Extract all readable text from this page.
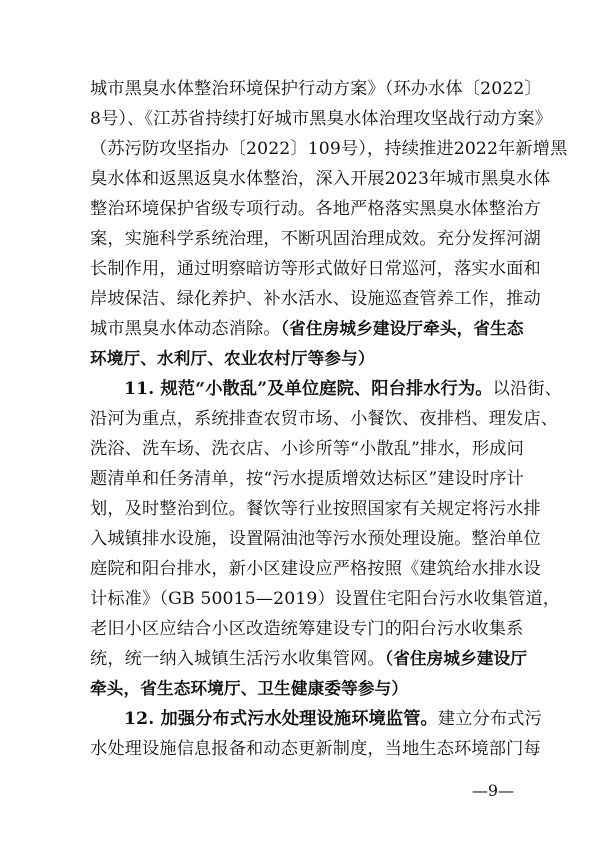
城市黑臭水体整治环境保护行动方案》（环办水体〔2022〕
8号）、《江苏省持续打好城市黑臭水体治理攻坚战行动方案》
（苏污防攻坚指办〔2022〕109号），持续推进2022年新增黑
臭水体和返黑返臭水体整治，深入开展2023年城市黑臭水体
整治环境保护省级专项行动。各地严格落实黑臭水体整治方
案，实施科学系统治理，不断巩固治理成效。充分发挥河湖
长制作用，通过明察暗访等形式做好日常巡河，落实水面和
岸坡保洁、绿化养护、补水活水、设施巡查管养工作，推动
城市黑臭水体动态消除。（省住房城乡建设厅牵头，省生态
环境厅、水利厅、农业农村厅等参与）
11. 规范“小散乱”及单位庭院、阳台排水行为。以沿街、
沿河为重点，系统排查农贸市场、小餐饮、夜排档、理发店、
洗浴、洗车场、洗衣店、小诊所等“小散乱”排水，形成问
题清单和任务清单，按“污水提质增效达标区”建设时序计
划，及时整治到位。餐饮等行业按照国家有关规定将污水排
入城镇排水设施，设置隔油池等污水预处理设施。整治单位
庭院和阳台排水，新小区建设应严格按照《建筑给水排水设
计标准》（GB 50015—2019）设置住宅阳台污水收集管道，
老旧小区应结合小区改造统筹建设专门的阳台污水收集系
统，统一纳入城镇生活污水收集管网。（省住房城乡建设厅
牵头，省生态环境厅、卫生健康委等参与）
12. 加强分布式污水处理设施环境监管。建立分布式污
水处理设施信息报备和动态更新制度，当地生态环境部门每
—9—
